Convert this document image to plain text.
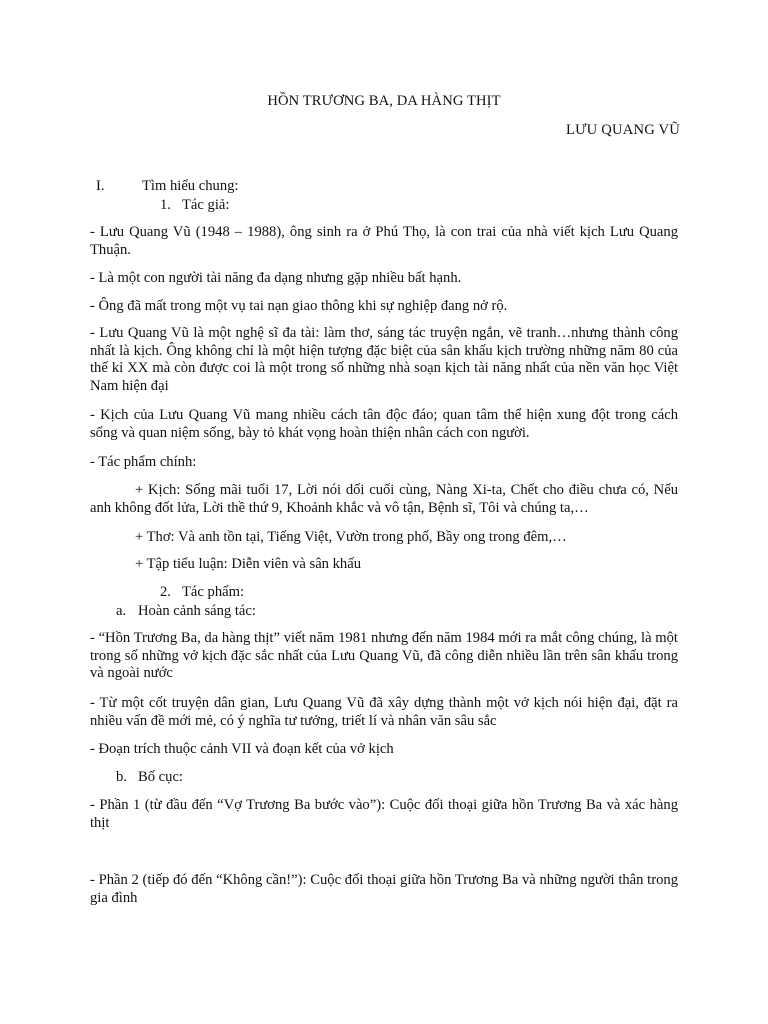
HỒN TRƯƠNG BA, DA HÀNG THỊT
LƯU QUANG VŨ
I.	Tìm hiểu chung:
1. Tác giả:
- Lưu Quang Vũ (1948 – 1988), ông sinh ra ở Phú Thọ, là con trai của nhà viết kịch Lưu Quang Thuận.
- Là một con người tài năng đa dạng nhưng gặp nhiều bất hạnh.
- Ông đã mất trong một vụ tai nạn giao thông khi sự nghiệp đang nở rộ.
- Lưu Quang Vũ là một nghệ sĩ đa tài: làm thơ, sáng tác truyện ngắn, vẽ tranh…nhưng thành công nhất là kịch. Ông không chỉ là một hiện tượng đặc biệt của sân khấu kịch trường những năm 80 của thế kỉ XX mà còn được coi là một trong số những nhà soạn kịch tài năng nhất của nền văn học Việt Nam hiện đại
- Kịch của Lưu Quang Vũ mang nhiều cách tân độc đáo; quan tâm thể hiện xung đột trong cách sống và quan niệm sống, bày tỏ khát vọng hoàn thiện nhân cách con người.
- Tác phẩm chính:
+ Kịch: Sống mãi tuổi 17, Lời nói dối cuối cùng, Nàng Xi-ta, Chết cho điều chưa có, Nếu anh không đốt lửa, Lời thề thứ 9, Khoảnh khắc và vô tận, Bệnh sĩ, Tôi và chúng ta,…
+ Thơ: Và anh tồn tại, Tiếng Việt, Vườn trong phố, Bầy ong trong đêm,…
+ Tập tiểu luận: Diễn viên và sân khấu
2. Tác phẩm:
a. Hoàn cảnh sáng tác:
- “Hồn Trương Ba, da hàng thịt” viết năm 1981 nhưng đến năm 1984 mới ra mắt công chúng, là một trong số những vở kịch đặc sắc nhất của Lưu Quang Vũ, đã công diễn nhiều lần trên sân khấu trong và ngoài nước
- Từ một cốt truyện dân gian, Lưu Quang Vũ đã xây dựng thành một vở kịch nói hiện đại, đặt ra nhiều vấn đề mới mẻ, có ý nghĩa tư tưởng, triết lí và nhân văn sâu sắc
- Đoạn trích thuộc cảnh VII và đoạn kết của vở kịch
b. Bố cục:
- Phần 1 (từ đầu đến “Vợ Trương Ba bước vào”): Cuộc đối thoại giữa hồn Trương Ba và xác hàng thịt
- Phần 2 (tiếp đó đến “Không cần!”): Cuộc đối thoại giữa hồn Trương Ba và những người thân trong gia đình
